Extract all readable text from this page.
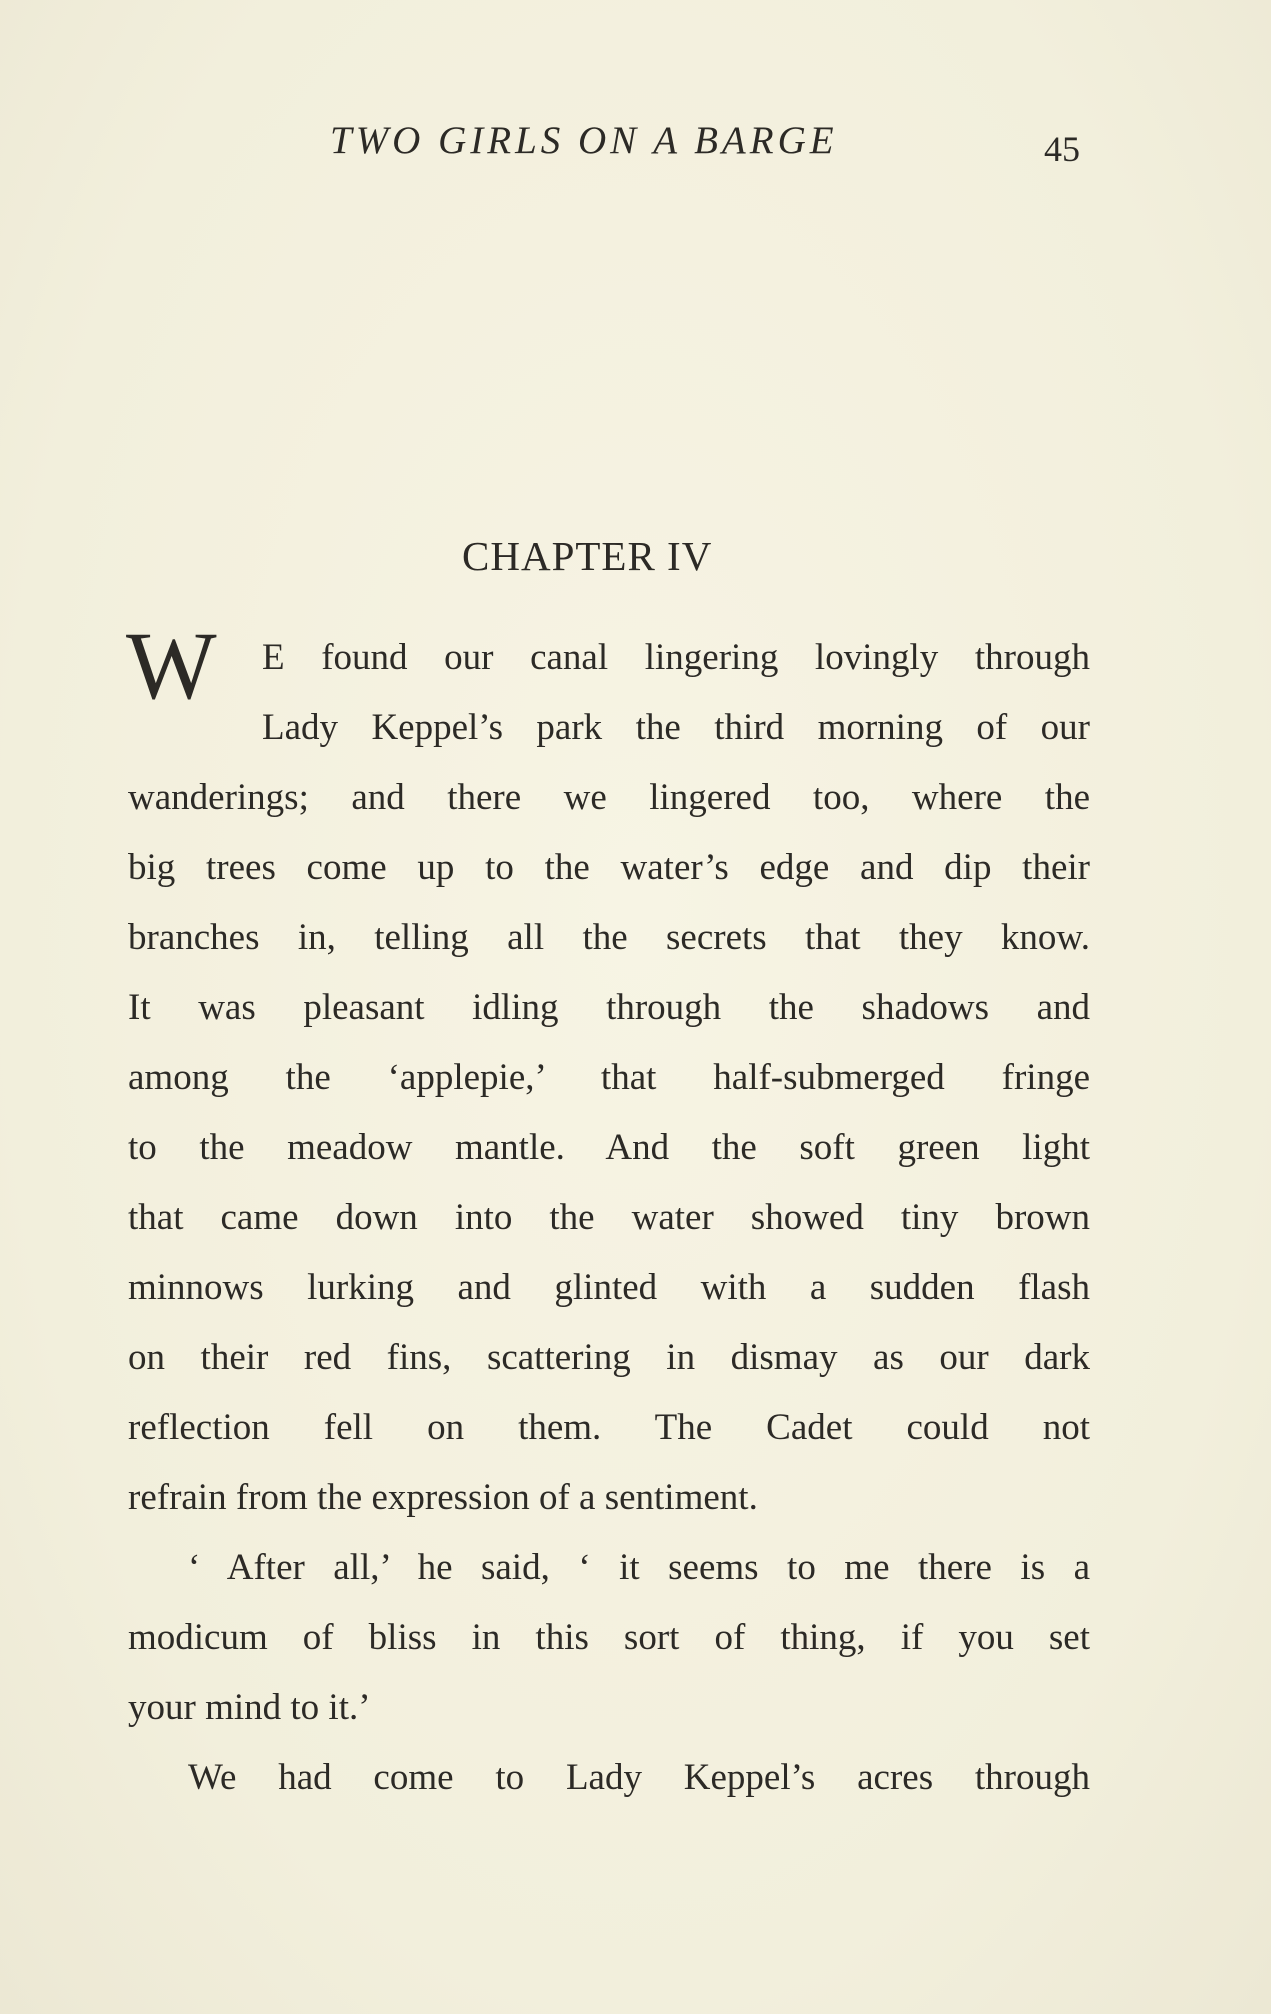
TWO GIRLS ON A BARGE	45
CHAPTER IV
W E found our canal lingering lovingly through
Lady Keppel’s park the third morning of our
wanderings; and there we lingered too, where the
big trees come up to the water’s edge and dip their
branches in, telling all the secrets that they know.
It was pleasant idling through the shadows and
among the ‘applepie,’ that half-submerged fringe
to the meadow mantle. And the soft green light
that came down into the water showed tiny brown
minnows lurking and glinted with a sudden flash
on their red fins, scattering in dismay as our dark
reflection fell on them. The Cadet could not
refrain from the expression of a sentiment.
‘ After all,’ he said, ‘ it seems to me there is a
modicum of bliss in this sort of thing, if you set
your mind to it.’
We had come to Lady Keppel’s acres through
